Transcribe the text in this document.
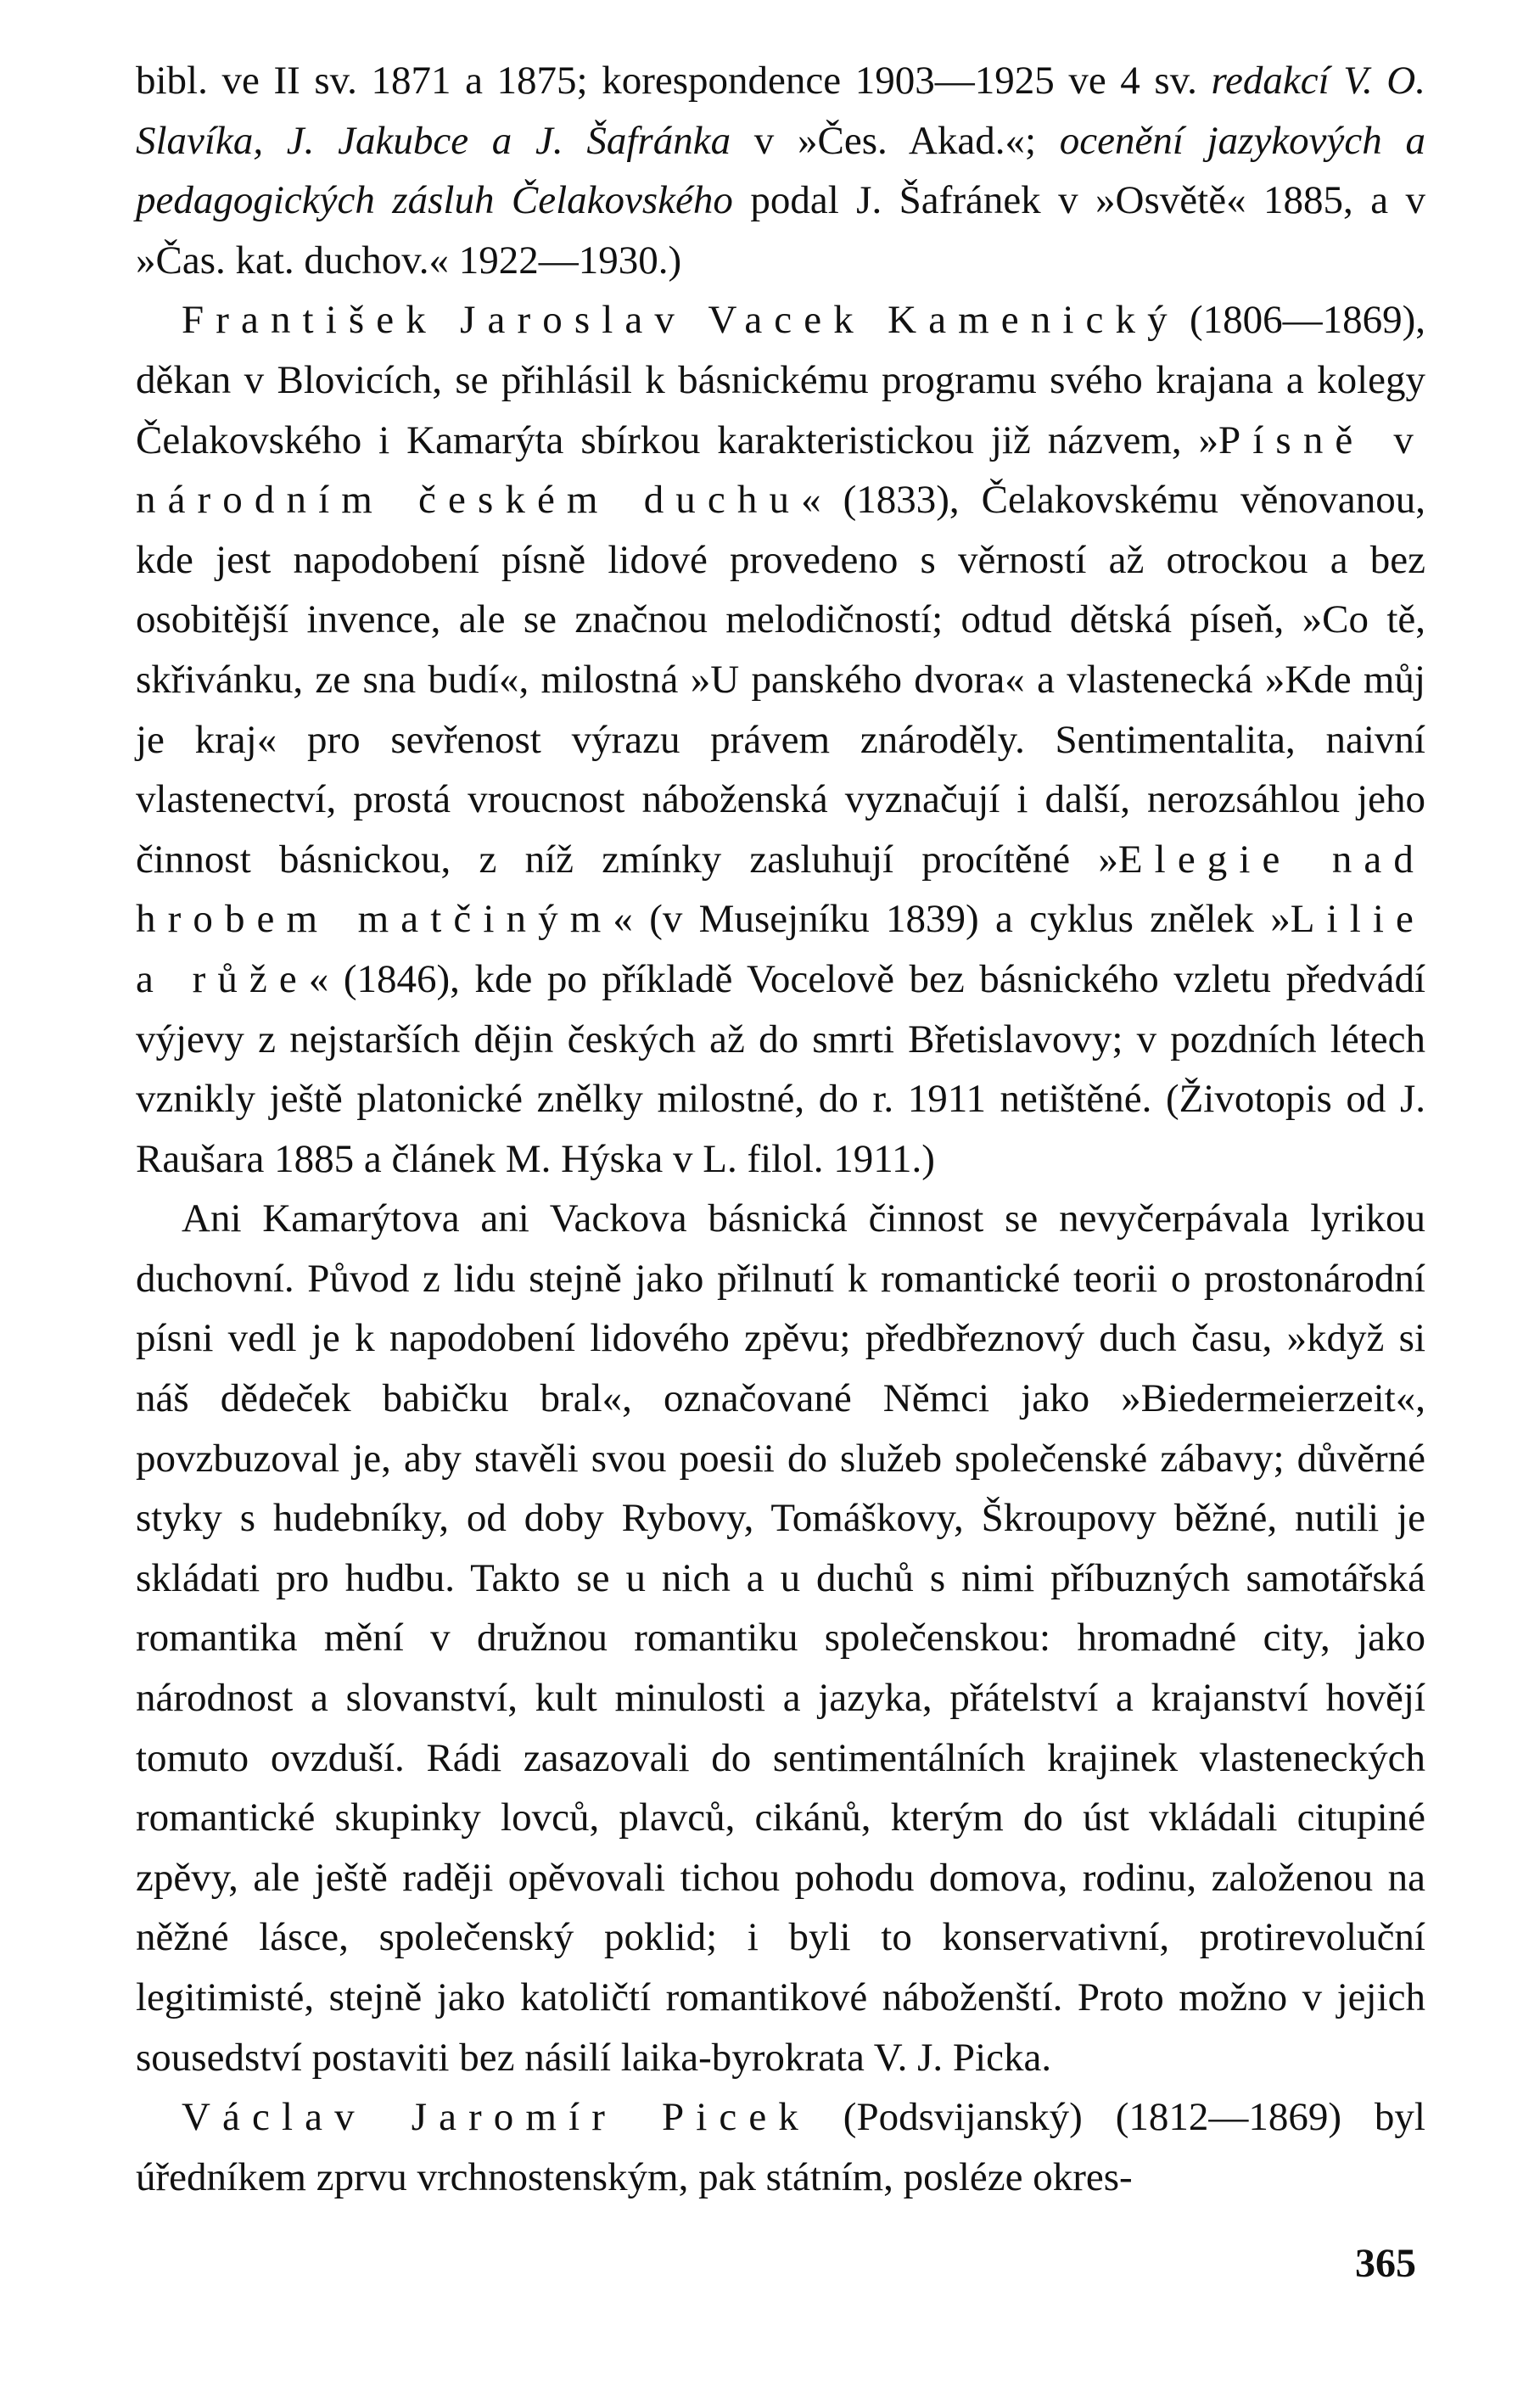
bibl. ve II sv. 1871 a 1875; korespondence 1903—1925 ve 4 sv. redakcí V. O. Slavíka, J. Jakubce a J. Šafránka v »Čes. Akad.«; ocenění jazykových a pedagogických zásluh Čelakovského podal J. Šafránek v »Osvětě« 1885, a v »Čas. kat. duchov.« 1922—1930.)

František Jaroslav Vacek Kamenický (1806—1869), děkan v Blovicích, se přihlásil k básnickému programu svého krajana a kolegy Čelakovského i Kamarýta sbírkou karakteristickou již názvem, »Písně v národním českém duchu« (1833), Čelakovskému věnovanou, kde jest napodobení písně lidové provedeno s věrností až otrockou a bez osobitější invence, ale se značnou melodičností; odtud dětská píseň, »Co tě, skřivánku, ze sna budí«, milostná »U panského dvora« a vlastenecká »Kde můj je kraj« pro sevřenost výrazu právem znároděly. Sentimentalita, naivní vlastenectví, prostá vroucnost náboženská vyznačují i další, nerozsáhlou jeho činnost básnickou, z níž zmínky zasluhují procítěné »Elegie nad hrobem matčiným« (v Musejníku 1839) a cyklus znělek »Lilie a růže« (1846), kde po příkladě Vocelově bez básnického vzletu předvádí výjevy z nejstarších dějin českých až do smrti Břetislavovy; v pozdních létech vznikly ještě platonické znělky milostné, do r. 1911 netištěné. (Životopis od J. Raušara 1885 a článek M. Hýska v L. filol. 1911.)

Ani Kamarýtova ani Vackova básnická činnost se nevyčerpávala lyrikou duchovní. Původ z lidu stejně jako přilnutí k romantické teorii o prostonárodní písni vedl je k napodobení lidového zpěvu; předbřeznový duch času, »když si náš dědeček babičku bral«, označované Němci jako »Biedermeierzeit«, povzbuzoval je, aby stavěli svou poesii do služeb společenské zábavy; důvěrné styky s hudebníky, od doby Rybovy, Tomáškovy, Škroupovy běžné, nutili je skládati pro hudbu. Takto se u nich a u duchů s nimi příbuzných samotářská romantika mění v družnou romantiku společenskou: hromadné city, jako národnost a slovanství, kult minulosti a jazyka, přátelství a krajanství hovějí tomuto ovzduší. Rádi zasazovali do sentimentálních krajinek vlasteneckých romantické skupinky lovců, plavců, cikánů, kterým do úst vkládali citupiné zpěvy, ale ještě raději opěvovali tichou pohodu domova, rodinu, založenou na něžné lásce, společenský poklid; i byli to konservativní, protirevoluční legitimisté, stejně jako katoličtí romantikové náboženští. Proto možno v jejich sousedství postaviti bez násilí laika-byrokrata V. J. Picka.

Václav Jaromír Picek (Podsvijanský) (1812—1869) byl úředníkem zprvu vrchnostenským, pak státním, posléze okres-

365
